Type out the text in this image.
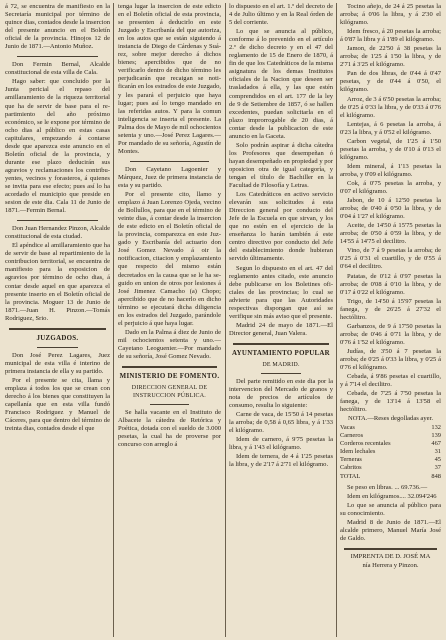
á 72, se encuentra de manifiesto en la Secretaría municipal por término de quince dias, contados desde la insercion del presente anuncio en el Boletín oficial de la provincia. Hinojos 12 de Junio de 1871.—Antonio Muñoz.

Don Fermin Bernal, Alcalde constitucional de esta villa de Cala.

Hago saber: que concluido por la Junta pericial el repaso del amillaramiento de la riqueza territorial que ha de servir de base para el repartimiento del año próximo económico, se le expone por término de ocho dias al público en estas casas capitulares, empezando á contarse desde que aparezca este anuncio en el Boletín oficial de la provincia, y durante ese plazo deducirán sus agravios y reclamaciones los contribuyentes, vecinos y forasteros, á quienes se invita para ese efecto; pues así lo ha acordado el municipio que preside en sesion de este dia. Cala 11 de Junio de 1871.—Fermin Bernal.

Don Juan Hernandez Pinzon, Alcalde constitucional de esta ciudad.

El apéndice al amillaramiento que ha de servir de base al repartimiento de la contribucion territorial, se encuentra de manifiesto para la exposicion de agravios por término de ocho dias, á contar desde aquel en que aparezca el presente inserto en el Boletín oficial de la provincia. Moguer 13 de Junio de 1871.—Juan H. Pinzon.—Tomás Rodriguez, Srio.

JUZGADOS.

Don José Perez Lagares, Juez municipal de esta villa é interino de primera instancia de ella y su partido.

Por el presente se cita, llama y emplaza á todos los que se crean con derecho á los bienes que constituyen la capellanía que en esta villa fundó Francisco Rodriguez y Manuel de Cáceres, para que dentro del término de treinta dias, contados desde el que

tenga lugar la insercion de este edicto en el Boletín oficial de esta provincia, se presenten á deducirlo en este Juzgado y Escribanía del que autoriza, en los autos que se están siguiendo á instancia de Diego de Cárdenas y Suárez, sobre mejor derecho á dichos bienes; apercibidos que de no verificarlo dentro de dicho término les perjudicarán que recaigan se notificarán en los estrados de este Juzgado, y les parará el perjuicio que haya lugar; pues así lo tengo mandado en las referidas autos. Y para la comun inteligencia se inserta el presente. La Palma dos de Mayo de mil ochocientos setenta y uno.—José Perez Lagares.—Por mandado de su señoría, Agustín de Montes.

Don Cayetano Lagoenier y Márquez, Juez de primera instancia de esta y su partido.

Por el presente cito, llamo y emplazo á Juan Lorenzo Ojeda, vecino de Bollullos, para que en el término de veinte dias, á contar desde la insercion de este edicto en el Boletín oficial de la provincia, comparezca en este Juzgado y Escribanía del actuario don José Gomez Nevado á oir la notificacion, citacion y emplazamiento que respecto del mismo están decretados en la causa que se le ha seguido en union de otros por lesiones á José Jimenez Camacho (a) Chopo; apercibido que de no hacerlo en dicho término se ejecutará dicha diligencia en los estrados del Juzgado, parándole el perjuicio á que haya lugar.

Dado en la Palma á diez de Junio de mil ochocientos setenta y uno.—Cayetano Leoguenier.—Por mandado de su señoría, José Gomez Nevado.

MINISTERIO DE FOMENTO.
DIRECCION GENERAL DE INSTRUCCION PÚBLICA.

Se halla vacante en el Instituto de Albacete la cátedra de Retórica y Poética, dotada con el sueldo de 3.000 pesetas, la cual ha de proverse por concurso con arreglo á

lo dispuesto en el art. 1.º del decreto de 4 de Julio último y en la Real órden de 5 del corriente.

Lo que se anuncia al público, conforme á lo prevenido en el artículo 2.º de dicho decreto y en el 47 del reglamento de 15 de Enero de 1870, á fin de que los Catedráticos de la misma asignatura de los demas Institutos oficiales de la Nacion que deseen ser trasladados á ella, y las que estén comprendidos en el art. 177 de la ley de 9 de Setiembre de 1857, ó se hallen excedentes, puedan solicitarla en el plazo improrrogable de 20 dias, á contar desde la publicacion de este anuncio en la Gaceta.

Solo podrán aspirar á dicha cátedra los Profesores que desempeñan ó hayan desempeñado en propiedad y por oposicion otra de igual categoría, y tengan el título de Bachiller en la Facultad de Filosofía y Letras.

Los Catedráticos en activo servicio elevarán sus solicitudes á esta Direccion general por conducto del Jefe de la Escuela en que sirvan, y los que no estén en el ejercicio de la enseñanza lo harán también á este centro directivo por conducto del Jefe del establecimiento donde hubieran servido últimamente.

Segun lo dispuesto en el art. 47 del reglamento antes citado, este anuncio debe publicarse en los Boletines oficiales de las provincias; lo cual se advierte para que las Autoridades respectivas dispongan que así se verifique sin más aviso que el presente.

Madrid 24 de mayo de 1871.—El Director general, Juan Valera.

AYUNTAMIENTO POPULAR
DE MADRID.

Del parte remitido en este dia por la intervencion del Mercado de granos y nota de precios de artículos de consumo, resulta lo siguiente:

Carne de vaca, de 15'50 á 14 pesetas la arroba; de 0,58 á 0,65 libra, y á 1'33 el kilógramo.

Idem de carnero, á 9'75 pesetas la libra, y á 1'43 el kilógramo.

Idem de ternera, de 4 á 1'25 pesetas la libra, y de 2'17 á 2'71 el kilógramo.

Tocino añejo, de 24 á 25 pesetas la arroba; á 0'06 la libra, y á 2'30 el kilógramo.

Idem fresco, á 20 pesetas la arroba; á 0'87 la libra y á 1'89 el kilógramo.

Jamon, de 22'50 á 38 pesetas la arroba; de 1'25 á 1'50 la libra, y de 2'71 á 3'25 el kilógramo.

Pan de dos libras, de 0'44 á 0'47 pesetas, y de 0'44 á 0'50, el kilógramo.

Arroz, de 3 á 6'50 pesetas la arroba; de 0'25 á 0'33 la libra, y de 0'33 á 0'76 el kilógramo.

Lentejas, á 6 pesetas la arroba, á 0'23 la libra, y á 0'52 el kilógramo.

Carbon vegetal, de 1'25 á 1'50 pesetas la arroba, y de 0'10 á 0'13 el kilógramo.

Idem mineral, á 1'13 pesetas la arroba, y 0'09 el kilógramo.

Cok, á 0'75 pesetas la arroba, y 0'07 el kilógramo.

Jabon, de 10 á 12'50 pesetas la arroba; de 0'40 á 0'50 la libra, y de 0'04 á 1'27 el kilógramo.

Aceite, de 14'50 á 15'75 pesetas la arroba; de 0'50 á 0'59 la libra, y de 14'55 á 14'75 el decilitro.

Vino, de 7 á 9 pesetas la arroba; de 0'25 á 0'31 el cuartillo, y de 0'55 á 0'64 el decilitro.

Patatas, de 0'12 á 0'97 pesetas la arroba; de 0'08 á 0'10 la libra, y de 0'17 á 0'22 el kilógramo.

Trigo, de 14'50 á 15'97 pesetas la fanega, y de 26'25 á 27'32 el hectólitro.

Garbanzos, de 9 á 17'50 pesetas la arroba; de 0'46 á 0'71 la libra, y de 0'76 á 1'52 el kilógramo.

Judías, de 3'50 á 7 pesetas la arroba; de 0'25 á 0'33 la libra, y 0'25 á 0'76 el kilógramo.

Cebada, á 9'86 pesetas el cuartillo, y á 7'14 el decilitro.

Cebada, de 7'25 á 7'50 pesetas la fanega, y de 13'14 á 13'58 el hectólitro.

NOTA.—Reses degolladas ayer.

Vacas	132
Carneros	139
Corderos recentales	467
Idem lechales	31
Terneras	45
Cabritos	37
TOTAL	848

Se peso en libras. ... 69.736.—

Idem en kilógramos.... 32.094'246

Lo que se anuncia al público para su conocimiento.

Madrid 8 de Junio de 1871.—El alcalde primero, Manuel María José de Galdo.

IMPRENTA DE D. JOSÉ MA

nía Herrera y Pinzon.
